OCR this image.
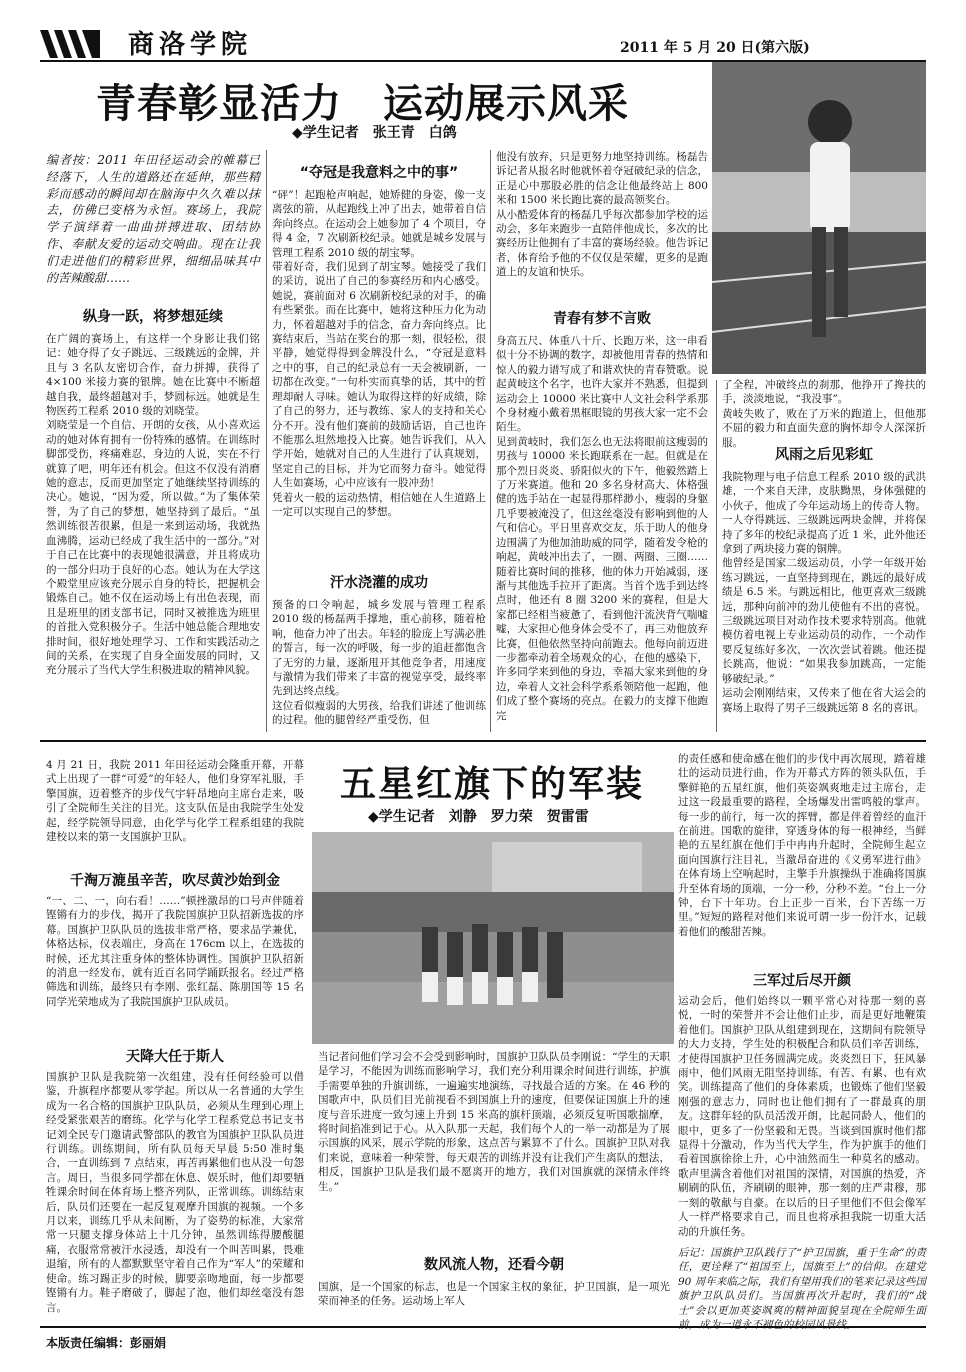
商洛学院	2011 年 5 月 20 日(第六版)
青春彰显活力　运动展示风采
◆学生记者　张王青　白鸽
编者按：2011 年田径运动会的帷幕已经落下，人生的道路还在延伸，那些精彩而感动的瞬间却在脑海中久久难以抹去，仿佛已变格为永恒。赛场上，我院学子演绎着一曲曲拼搏进取、团结协作、奉献友爱的运动交响曲。现在让我们走进他们的精彩世界，细细品味其中的苦辣酸甜……
纵身一跃，将梦想延续
在广阔的赛场上，有这样一个身影让我们铭记：她夺得了女子跳远、三级跳远的金牌，并且与 3 名队友密切合作，奋力拼搏，获得了 4×100 米接力赛的银牌。她在比赛中不断超越自我，最终超越对手，梦圆标远。她就是生物医药工程系 2010 级的刘晓莹。
刘晓莹是一个自信、开朗的女孩，从小喜欢运动的她对体育拥有一份特殊的感情。在训练时脚部受伤，疼痛难忍，身边的人说，实在不行就算了吧，明年还有机会。但这不仅没有消磨她的意志，反而更加坚定了她继续坚持训练的决心。她说，“因为爱，所以做。”为了集体荣誉，为了自己的梦想，她坚持到了最后。“虽然训练很苦很累，但是一来到运动场，我就热血沸腾，运动已经成了我生活中的一部分。”对于自己在比赛中的表现她很满意，并且将成功的一部分归功于良好的心态。她认为在大学这个殿堂里应该充分展示自身的特长，把握机会锻炼自己。她不仅在运动场上有出色表现，而且是班里的团支部书记，同时又被推选为班里的首批入党积极分子。生活中她总能合理地安排时间，很好地处理学习、工作和实践活动之间的关系，在实现了自身全面发展的同时，又充分展示了当代大学生积极进取的精神风貌。
“夺冠是我意料之中的事”
“砰”！起跑枪声响起，她矫健的身姿，像一支离弦的箭，从起跑线上冲了出去，她带着自信奔向终点。在运动会上她参加了 4 个项目，夺得 4 金，7 次刷新校纪录。她就是城乡发展与管理工程系 2010 级的胡宝琴。
带着好奇，我们见到了胡宝琴。她接受了我们的采访，说出了自己的参赛经历和内心感受。她说，赛前面对 6 次刷新校纪录的对手，的确有些紧张。而在比赛中，她将这种压力化为动力，怀着超越对手的信念，奋力奔向终点。比赛结束后，当站在奖台的那一刻，很轻松，很平静，她觉得得到金牌没什么，“夺冠是意料之中的事，自己的纪录总有一天会被刷新，一切都在改变。”一句朴实而真挚的话，其中的哲理却耐人寻味。她认为取得这样的好成绩，除了自己的努力，还与教练、家人的支持和关心分不开。没有他们赛前的鼓励话语，自己也许不能那么坦然地投入比赛。她告诉我们，从入学开始，她就对自己的人生进行了认真规划，坚定自己的目标，并为它而努力奋斗。她觉得人生如赛场，心中应该有一股冲劲！
凭着火一般的运动热情，相信她在人生道路上一定可以实现自己的梦想。
汗水浇灌的成功
预备的口令响起，城乡发展与管理工程系 2010 级的杨磊两手撑地，重心前移，随着枪响，他奋力冲了出去。年轻的脸庞上写满必胜的誓言，每一次的呼吸，每一步的追赶都饱含了无穷的力量，逐渐甩开其他竞争者，用速度与激情为我们带来了丰富的视觉享受，最终率先到达终点线。
这位看似瘦弱的大男孩，给我们讲述了他训练的过程。他的腿曾经严重受伤，但
他没有放弃，只是更努力地坚持训练。杨磊告诉记者从报名时他就怀着夺冠破纪录的信念，正是心中那股必胜的信念让他最终站上 800 米和 1500 米长跑比赛的最高领奖台。
从小酷爱体育的杨磊几乎每次都参加学校的运动会，多年来跑步一直陪伴他成长，多次的比赛经历让他拥有了丰富的赛场经验。他告诉记者，体育给予他的不仅仅是荣耀，更多的是跑道上的友谊和快乐。
青春有梦不言败
身高五尺、体重八十斤、长跑万米，这一串看似十分不协调的数字，却被他用青春的热情和惊人的毅力谱写成了和谐欢快的青春赞歌。说起黄岐这个名字，也许大家并不熟悉，但提到运动会上 10000 米比赛中人文社会科学系那个身材瘦小戴着黑框眼镜的男孩大家一定不会陌生。
见到黄岐时，我们怎么也无法将眼前这瘦弱的男孩与 10000 米长跑联系在一起。但就是在那个烈日炎炎、骄阳似火的下午，他毅然踏上了万米赛道。他和 20 多名身材高大、体格强健的选手站在一起显得那样渺小，瘦弱的身躯几乎要被淹没了，但这丝毫没有影响到他的人气和信心。平日里喜欢交友，乐于助人的他身边围满了为他加油助威的同学，随着发令枪的响起，黄岐冲出去了，一圈、两圈、三圈……随着比赛时间的推移，他的体力开始减弱，逐渐与其他选手拉开了距离。当首个选手到达终点时，他还有 8 圈 3200 米的赛程，但是大家都已经相当疲惫了，看到他汗流浃背气喘嘘嘘，大家担心他身体会受不了，再三劝他放弃比赛，但他依然坚持向前跑去。他每向前迈进一步都牵动着全场观众的心，在他的感染下，许多同学来到他的身边，幸福大家来到他的身边，牵着人文社会科学系系领陪他一起跑，他们成了整个赛场的亮点。在毅力的支撑下他跑完
了全程，冲破终点的刹那，他挣开了搀扶的手，淡淡地说，“我没事”。
黄岐失败了，败在了万米的跑道上，但他那不屈的毅力和直面失意的胸怀却令人深深折服。
风雨之后见彩虹
我院物理与电子信息工程系 2010 级的武洪雄，一个来自天津，皮肤黝黑，身体强健的小伙子，他成了今年运动场上的传奇人物。一人夺得跳远、三级跳远两块金牌，并将保持了多年的校纪录提高了近 1 米，此外他还拿到了两块接力赛的铜牌。
他曾经是国家二级运动员，小学一年级开始练习跳远，一直坚持到现在，跳远的最好成绩是 6.5 米。与跳远相比，他更喜欢三级跳远，那种向前冲的劲儿使他有不出的喜悦。三级跳远项目对动作技术要求特别高。他就模仿着电视上专业运动员的动作，一个动作要反复练好多次，一次次尝试着跳。他还提长跳高，他说：“如果我参加跳高，一定能够破纪录。”
运动会刚刚结束，又传来了他在省大运会的赛场上取得了男子三级跳远第 8 名的喜讯。
4 月 21 日，我院 2011 年田径运动会隆重开幕，开幕式上出现了一群“可爱”的年轻人，他们身穿军礼服，手擎国旗，迈着整齐的步伐气宇轩昂地向主席台走来，吸引了全院师生关注的目光。这支队伍是由我院学生处发起，经学院领导同意，由化学与化学工程系组建的我院建校以来的第一支国旗护卫队。
千淘万漉虽辛苦，吹尽黄沙始到金
“一、二、一，向右看！……”顿挫激昂的口号声伴随着铿锵有力的步伐，揭开了我院国旗护卫队招新选拔的序幕。国旗护卫队队员的选拔非常严格，要求品学兼优，体格达标，仪表端庄，身高在 176cm 以上，在选拔的时候，还尤其注重身体的整体协调性。国旗护卫队招新的消息一经发布，就有近百名同学踊跃报名。经过严格筛选和训练，最终只有李刚、张红磊、陈朋国等 15 名同学光荣地成为了我院国旗护卫队成员。
天降大任于斯人
国旗护卫队是我院第一次组建，没有任何经验可以借鉴，升旗程序都要从零学起。所以从一名普通的大学生成为一名合格的国旗护卫队队员，必须从生理到心理上经受紧张艰苦的磨练。化学与化学工程系党总书记支书记刘全民专门邀请武警部队的教官为国旗护卫队队员进行训练。训练期间，所有队员每天早晨 5:50 准时集合，一直训练到 7 点结束，再苦再累他们也从没一句怨言。周日，当很多同学都在休息、娱乐时，他们却要牺牲课余时间在体育场上整齐列队，正常训练。训练结束后，队员们还要在一起反复观摩升国旗的视频。一个多月以来，训练几乎从未间断，为了姿势的标准，大家常常一只腿支撑身体站上十几分钟，虽然训练得腰酸腿痛，衣服常常被汗水浸透，却没有一个叫苦叫累，畏难退缩，所有的人都默默坚守着自己作为“军人”的荣耀和使命。练习踢正步的时候，脚要亲吻地面，每一步都要铿锵有力。鞋子磨破了，脚起了泡，他们却丝毫没有怨言。
五星红旗下的军装
◆学生记者　刘静　罗力荣　贺雷雷
当记者问他们学习会不会受到影响时，国旗护卫队队员李刚说：“学生的天职是学习，不能因为训练而影响学习，我们充分利用课余时间进行训练，护旗手需要单独的升旗训练，一遍遍实地演练，寻找最合适的方案。在 46 秒的国歌声中，队员们目光前视看不到国旗上升的速度，但要保证国旗上升的速度与音乐进度一致匀速上升到 15 米高的旗杆顶端，必须反复听国歌揣摩，将时间掐准到记于心。从入队那一天起，我们每个人的一举一动都是为了展示国旗的风采，展示学院的形象，这点苦与累算不了什么。国旗护卫队对我们来说，意味着一种荣誉，每天艰苦的训练并没有让我们产生离队的想法，相反，国旗护卫队是我们最不愿离开的地方，我们对国旗就的深情永伴终生。”
数风流人物，还看今朝
国旗，是一个国家的标志，也是一个国家主权的象征，护卫国旗，是一项光荣而神圣的任务。运动场上军人
的责任感和使命感在他们的步伐中再次展现，踏着雄壮的运动员进行曲，作为开幕式方阵的领头队伍，手擎鲜艳的五星红旗，他们英姿飒爽地走过主席台，走过这一段最重要的路程，全场爆发出雷鸣般的掌声。每一步的前行，每一次的挥臂，都是伴着曾经的血汗在前进。国歌的旋律，穿透身体的每一根神经，当鲜艳的五星红旗在他们手中冉冉升起时，全院师生起立面向国旗行注目礼，当激昂奋进的《义勇军进行曲》在体育场上空响起时，主擎手升旗操纵于准确将国旗升至体育场的顶端，一分一秒，分秒不差。“台上一分钟，台下十年功。台上正步一百米，台下苦练一万里。”短短的路程对他们来说可谓一步一份汗水，记载着他们的酸甜苦辣。
三军过后尽开颜
运动会后，他们始终以一颗平常心对待那一刻的喜悦，一时的荣誉并不会让他们止步，而是更好地鞭策着他们。国旗护卫队从组建到现在，这期间有院领导的大力支持，学生处的积极配合和队员们辛苦训练，才使得国旗护卫任务圆满完成。炎炎烈日下，狂风暴雨中，他们风雨无阻坚持训练，有苦、有累、也有欢笑。训练提高了他们的身体素质，也锻炼了他们坚毅刚强的意志力，同时也让他们拥有了一群最真的朋友。这群年轻的队员活泼开朗，比起同龄人，他们的眼中，更多了一份坚毅和无畏。当谈到国旗时他们都显得十分激动，作为当代大学生，作为护旗手的他们看着国旗徐徐上升，心中油然而生一种莫名的感动。歌声里满含着他们对祖国的深情，对国旗的热爱，齐刷刷的队伍，齐刷刷的眼神，那一刻的庄严肃穆，那一刻的敬献与自豪。在以后的日子里他们不但会像军人一样严格要求自己，而且也将承担我院一切重大活动的升旗任务。
后记：国旗护卫队践行了“护卫国旗，重于生命”的责任，更诠释了“祖国至上，国旗至上”的信仰。在建党 90 周年来临之际，我们有望用我们的笔来记录这些国旗护卫队队员们。当国旗再次升起时，我们的“战士”会以更加英姿飒爽的精神面貌呈现在全院师生面前，成为一道永不褪色的校园风景线。
本版责任编辑：彭丽娟
